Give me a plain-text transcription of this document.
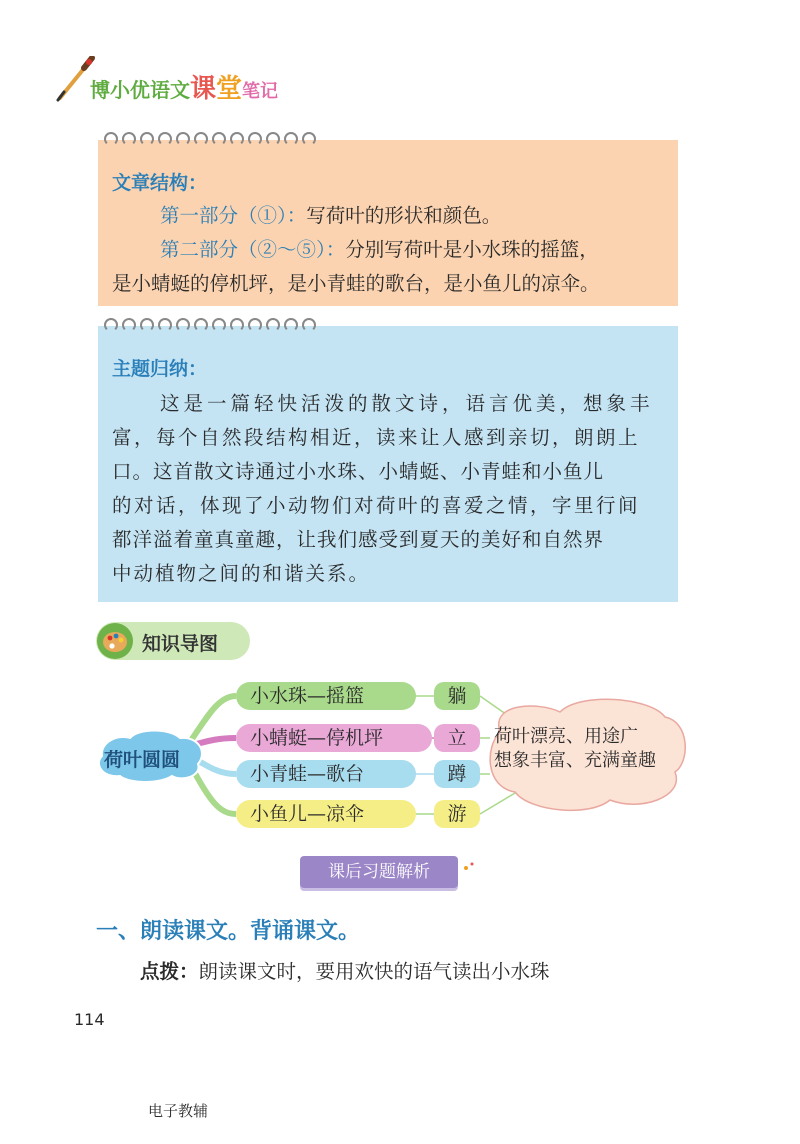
博小优语文课堂笔记
文章结构：
第一部分（①）：写荷叶的形状和颜色。
第二部分（②～⑤）：分别写荷叶是小水珠的摇篮，
是小蜻蜓的停机坪，是小青蛙的歌台，是小鱼儿的凉伞。
主题归纳：
这是一篇轻快活泼的散文诗，语言优美，想象丰
富，每个自然段结构相近，读来让人感到亲切，朗朗上
口。这首散文诗通过小水珠、小蜻蜓、小青蛙和小鱼儿
的对话，体现了小动物们对荷叶的喜爱之情，字里行间
都洋溢着童真童趣，让我们感受到夏天的美好和自然界
中动植物之间的和谐关系。
知识导图
荷叶圆圆
小水珠—摇篮
小蜻蜓—停机坪
小青蛙—歌台
小鱼儿—凉伞
躺
立
蹲
游
荷叶漂亮、用途广
想象丰富、充满童趣
课后习题解析
一、朗读课文。背诵课文。
点拨：朗读课文时，要用欢快的语气读出小水珠
114
电子教辅
